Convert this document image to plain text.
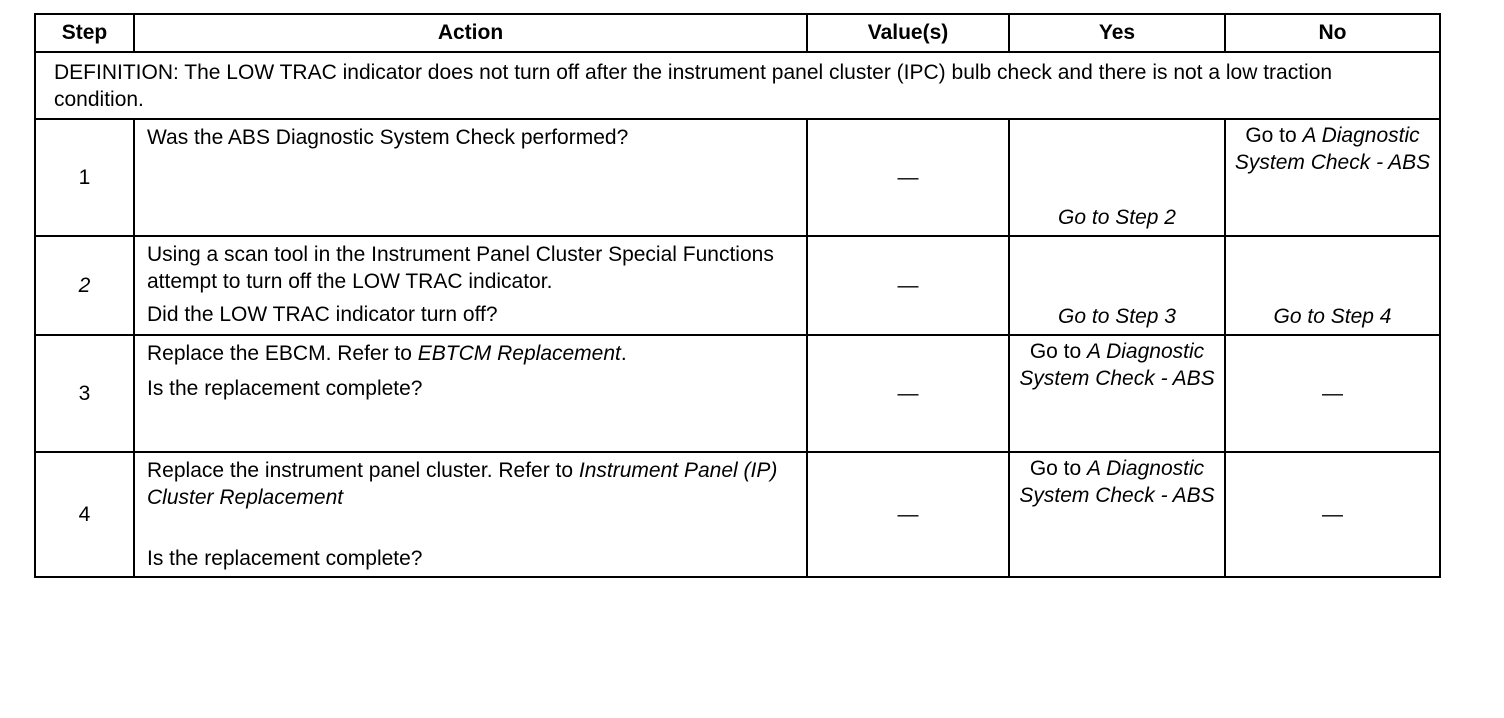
Step	Action	Value(s)	Yes	No
DEFINITION: The LOW TRAC indicator does not turn off after the instrument panel cluster (IPC) bulb check and there is not a low traction condition.				
1	Was the ABS Diagnostic System Check performed?	—	Go to Step 2	Go to A Diagnostic System Check - ABS
2	Using a scan tool in the Instrument Panel Cluster Special Functions attempt to turn off the LOW TRAC indicator.

Did the LOW TRAC indicator turn off?	—	Go to Step 3	Go to Step 4
3	Replace the EBCM. Refer to EBTCM Replacement.

Is the replacement complete?	—	Go to A Diagnostic System Check - ABS	—
4	Replace the instrument panel cluster. Refer to Instrument Panel (IP) Cluster Replacement

Is the replacement complete?	—	Go to A Diagnostic System Check - ABS	—
